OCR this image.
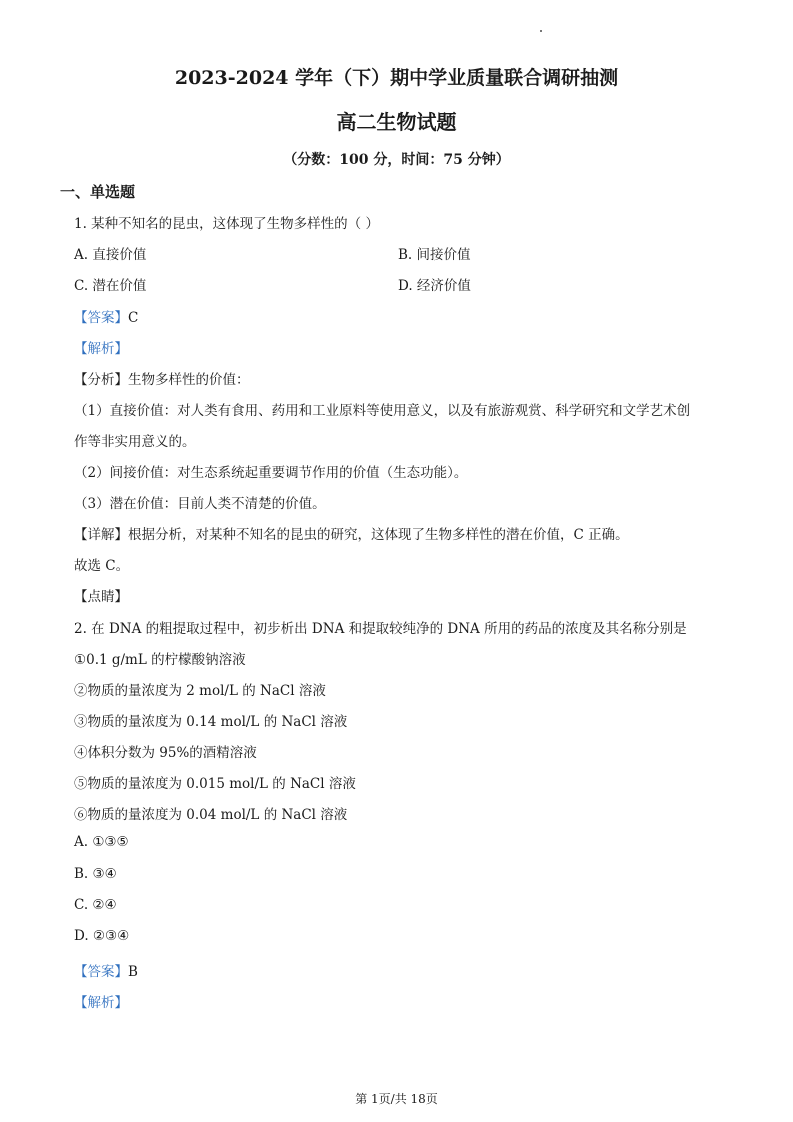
2023-2024 学年（下）期中学业质量联合调研抽测
高二生物试题
（分数：100 分，时间：75 分钟）
一、单选题
1. 某种不知名的昆虫，这体现了生物多样性的（ ）
A. 直接价值	B. 间接价值
C. 潜在价值	D. 经济价值
【答案】C
【解析】
【分析】生物多样性的价值：
（1）直接价值：对人类有食用、药用和工业原料等使用意义，以及有旅游观赏、科学研究和文学艺术创
作等非实用意义的。
（2）间接价值：对生态系统起重要调节作用的价值（生态功能）。
（3）潜在价值：目前人类不清楚的价值。
【详解】根据分析，对某种不知名的昆虫的研究，这体现了生物多样性的潜在价值，C 正确。
故选 C。
【点睛】
2. 在 DNA 的粗提取过程中，初步析出 DNA 和提取较纯净的 DNA 所用的药品的浓度及其名称分别是
①0.1 g/mL 的柠檬酸钠溶液
②物质的量浓度为 2 mol/L 的 NaCl 溶液
③物质的量浓度为 0.14 mol/L 的 NaCl 溶液
④体积分数为 95%的酒精溶液
⑤物质的量浓度为 0.015 mol/L 的 NaCl 溶液
⑥物质的量浓度为 0.04 mol/L 的 NaCl 溶液
A. ①③⑤
B. ③④
C. ②④
D. ②③④
【答案】B
【解析】
第 1页/共 18页
